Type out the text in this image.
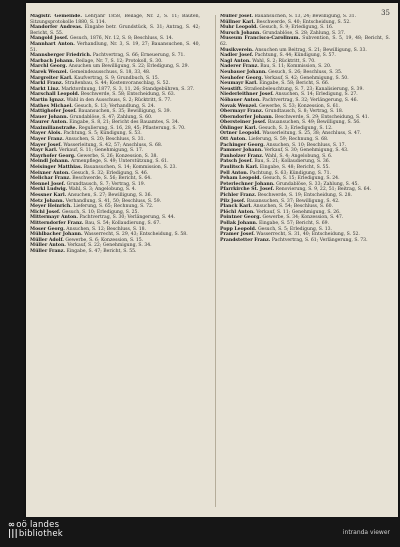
35
Magistr. Gemeinde. Lehrjahr 1858, Beilage, Nr. 2, S. 11; Bauten, Sitzungsprotokolle 1880, S. 114.
Mandorfer Andreas. Eingabe betr. Grundstück, S. 31; Antrag, S. 42; Bericht, S. 55.
Mangold Josef. Gesuch, 1876, Nr. 12, S. 8; Beschluss, S. 14.
Mannhart Anton. Verhandlung, Nr. 3, S. 19, 27; Bauansuchen, S. 40, 51.
Mannsberger Friedrich. Pachtvertrag, S. 66; Erneuerung, S. 71.
Marbach Johann. Beilage, Nr. 7, S. 12; Protokoll, S. 30.
Marchl Georg. Ansuchen um Bewilligung, S. 22; Erledigung, S. 29.
Marek Wenzel. Gemeindeausschuss, S. 18, 33, 48.
Margreiter Karl. Kaufvertrag, S. 9; Grundbuch, S. 15.
Markl Franz. Straßenbau, S. 44; Kostenvoranschlag, S. 52.
Markt Linz. Marktordnung, 1877, S. 3, 11, 26; Standgebühren, S. 37.
Marschall Leopold. Beschwerde, S. 58; Entscheidung, S. 63.
Martin Ignaz. Wahl in den Ausschuss, S. 2; Rücktritt, S. 77.
Mathes Michael. Gesuch, S. 13; Verhandlung, S. 24.
Mattighofer Josef. Bauansuchen, S. 35; Bewilligung, S. 39.
Mauer Johann. Grundablöse, S. 47; Zahlung, S. 60.
Maurer Anton. Eingabe, S. 8, 21; Bericht des Bauamtes, S. 34.
Maximilianstraße. Regulierung, S. 16, 28, 45; Pflasterung, S. 70.
Mayer Alois. Pachtung, S. 5; Kündigung, S. 53.
Mayer Franz. Ansuchen, S. 20; Beschluss, S. 31.
Mayer Josef. Wasserleitung, S. 42, 57; Anschluss, S. 68.
Mayr Karl. Verkauf, S. 11; Genehmigung, S. 17.
Mayrhofer Georg. Gewerbe, S. 26; Konzession, S. 38.
Meindl Johann. Armenpflege, S. 49; Unterstützung, S. 61.
Meisinger Matthias. Bauansuchen, S. 14; Kommission, S. 23.
Meixner Anton. Gesuch, S. 32; Erledigung, S. 46.
Melichar Franz. Beschwerde, S. 56; Bericht, S. 64.
Mennel Josef. Grundtausch, S. 7; Vertrag, S. 19.
Merkl Ludwig. Wahl, S. 3; Angelobung, S. 4.
Messner Karl. Ansuchen, S. 27; Bewilligung, S. 36.
Metz Johann. Verhandlung, S. 41, 50; Beschluss, S. 59.
Meyer Heinrich. Lieferung, S. 65; Rechnung, S. 72.
Michl Josef. Gesuch, S. 10; Erledigung, S. 25.
Mittermayr Anton. Pachtvertrag, S. 30; Verlängerung, S. 44.
Mitterndorfer Franz. Bau, S. 54; Kollaudierung, S. 67.
Moser Georg. Ansuchen, S. 12; Beschluss, S. 18.
Mühlbacher Johann. Wasserrecht, S. 29, 43; Entscheidung, S. 58.
Müller Adolf. Gewerbe, S. 6; Konzession, S. 15.
Müller Anton. Verkauf, S. 22; Genehmigung, S. 34.
Müller Franz. Eingabe, S. 47; Bericht, S. 55.
Müller Josef. Bauansuchen, S. 13, 24; Bewilligung, S. 31.
Müllner Karl. Beschwerde, S. 40; Entscheidung, S. 52.
Muhr Leopold. Gesuch, S. 9; Erledigung, S. 16.
Mursch Johann. Grundablöse, S. 28; Zahlung, S. 37.
Museum Francisco-Carolinum. Subvention, S. 5, 19, 48; Bericht, S. 62.
Musikverein. Ansuchen um Beitrag, S. 21; Bewilligung, S. 33.
Nadler Josef. Pachtung, S. 44; Kündigung, S. 57.
Nagl Anton. Wahl, S. 2; Rücktritt, S. 70.
Naderer Franz. Bau, S. 11; Kommission, S. 20.
Neubauer Johann. Gesuch, S. 26; Beschluss, S. 35.
Neuhofer Georg. Verkauf, S. 42; Genehmigung, S. 50.
Neumayr Karl. Eingabe, S. 58; Bericht, S. 66.
Neustift. Straßenbeleuchtung, S. 7, 23; Kanalisierung, S. 39.
Niederleithner Josef. Ansuchen, S. 14; Erledigung, S. 27.
Nöbauer Anton. Pachtvertrag, S. 32; Verlängerung, S. 46.
Novak Wenzel. Gewerbe, S. 53; Konzession, S. 61.
Obermayr Franz. Grundtausch, S. 8; Vertrag, S. 18.
Oberndorfer Johann. Beschwerde, S. 29; Entscheidung, S. 41.
Obersteiner Josef. Bauansuchen, S. 49; Bewilligung, S. 56.
Öhlinger Karl. Gesuch, S. 3; Erledigung, S. 12.
Ortner Leopold. Wasserleitung, S. 25, 38; Anschluss, S. 47.
Ott Anton. Lieferung, S. 59; Rechnung, S. 68.
Pachinger Georg. Ansuchen, S. 10; Beschluss, S. 17.
Pammer Johann. Verkauf, S. 30; Genehmigung, S. 43.
Panholzer Franz. Wahl, S. 4; Angelobung, S. 6.
Patsch Josef. Bau, S. 21; Kollaudierung, S. 36.
Paulitsch Karl. Eingabe, S. 48; Bericht, S. 55.
Pell Anton. Pachtung, S. 63; Kündigung, S. 71.
Peham Leopold. Gesuch, S. 15; Erledigung, S. 24.
Peterlechner Johann. Grundablöse, S. 33; Zahlung, S. 45.
Pfarrkirche St. Josef. Renovierung, S. 9, 22, 51; Beitrag, S. 64.
Pichler Franz. Beschwerde, S. 19; Entscheidung, S. 28.
Pilz Josef. Bauansuchen, S. 37; Bewilligung, S. 42.
Planck Karl. Ansuchen, S. 54; Beschluss, S. 60.
Plöchl Anton. Verkauf, S. 11; Genehmigung, S. 26.
Pointner Georg. Gewerbe, S. 34; Konzession, S. 47.
Pollak Johann. Eingabe, S. 57; Bericht, S. 69.
Popp Leopold. Gesuch, S. 5; Erledigung, S. 13.
Pramer Josef. Wasserrecht, S. 31, 40; Entscheidung, S. 52.
Prandstetter Franz. Pachtvertrag, S. 61; Verlängerung, S. 73.
∞oö landes
|||bibliothek	intranda viewer
